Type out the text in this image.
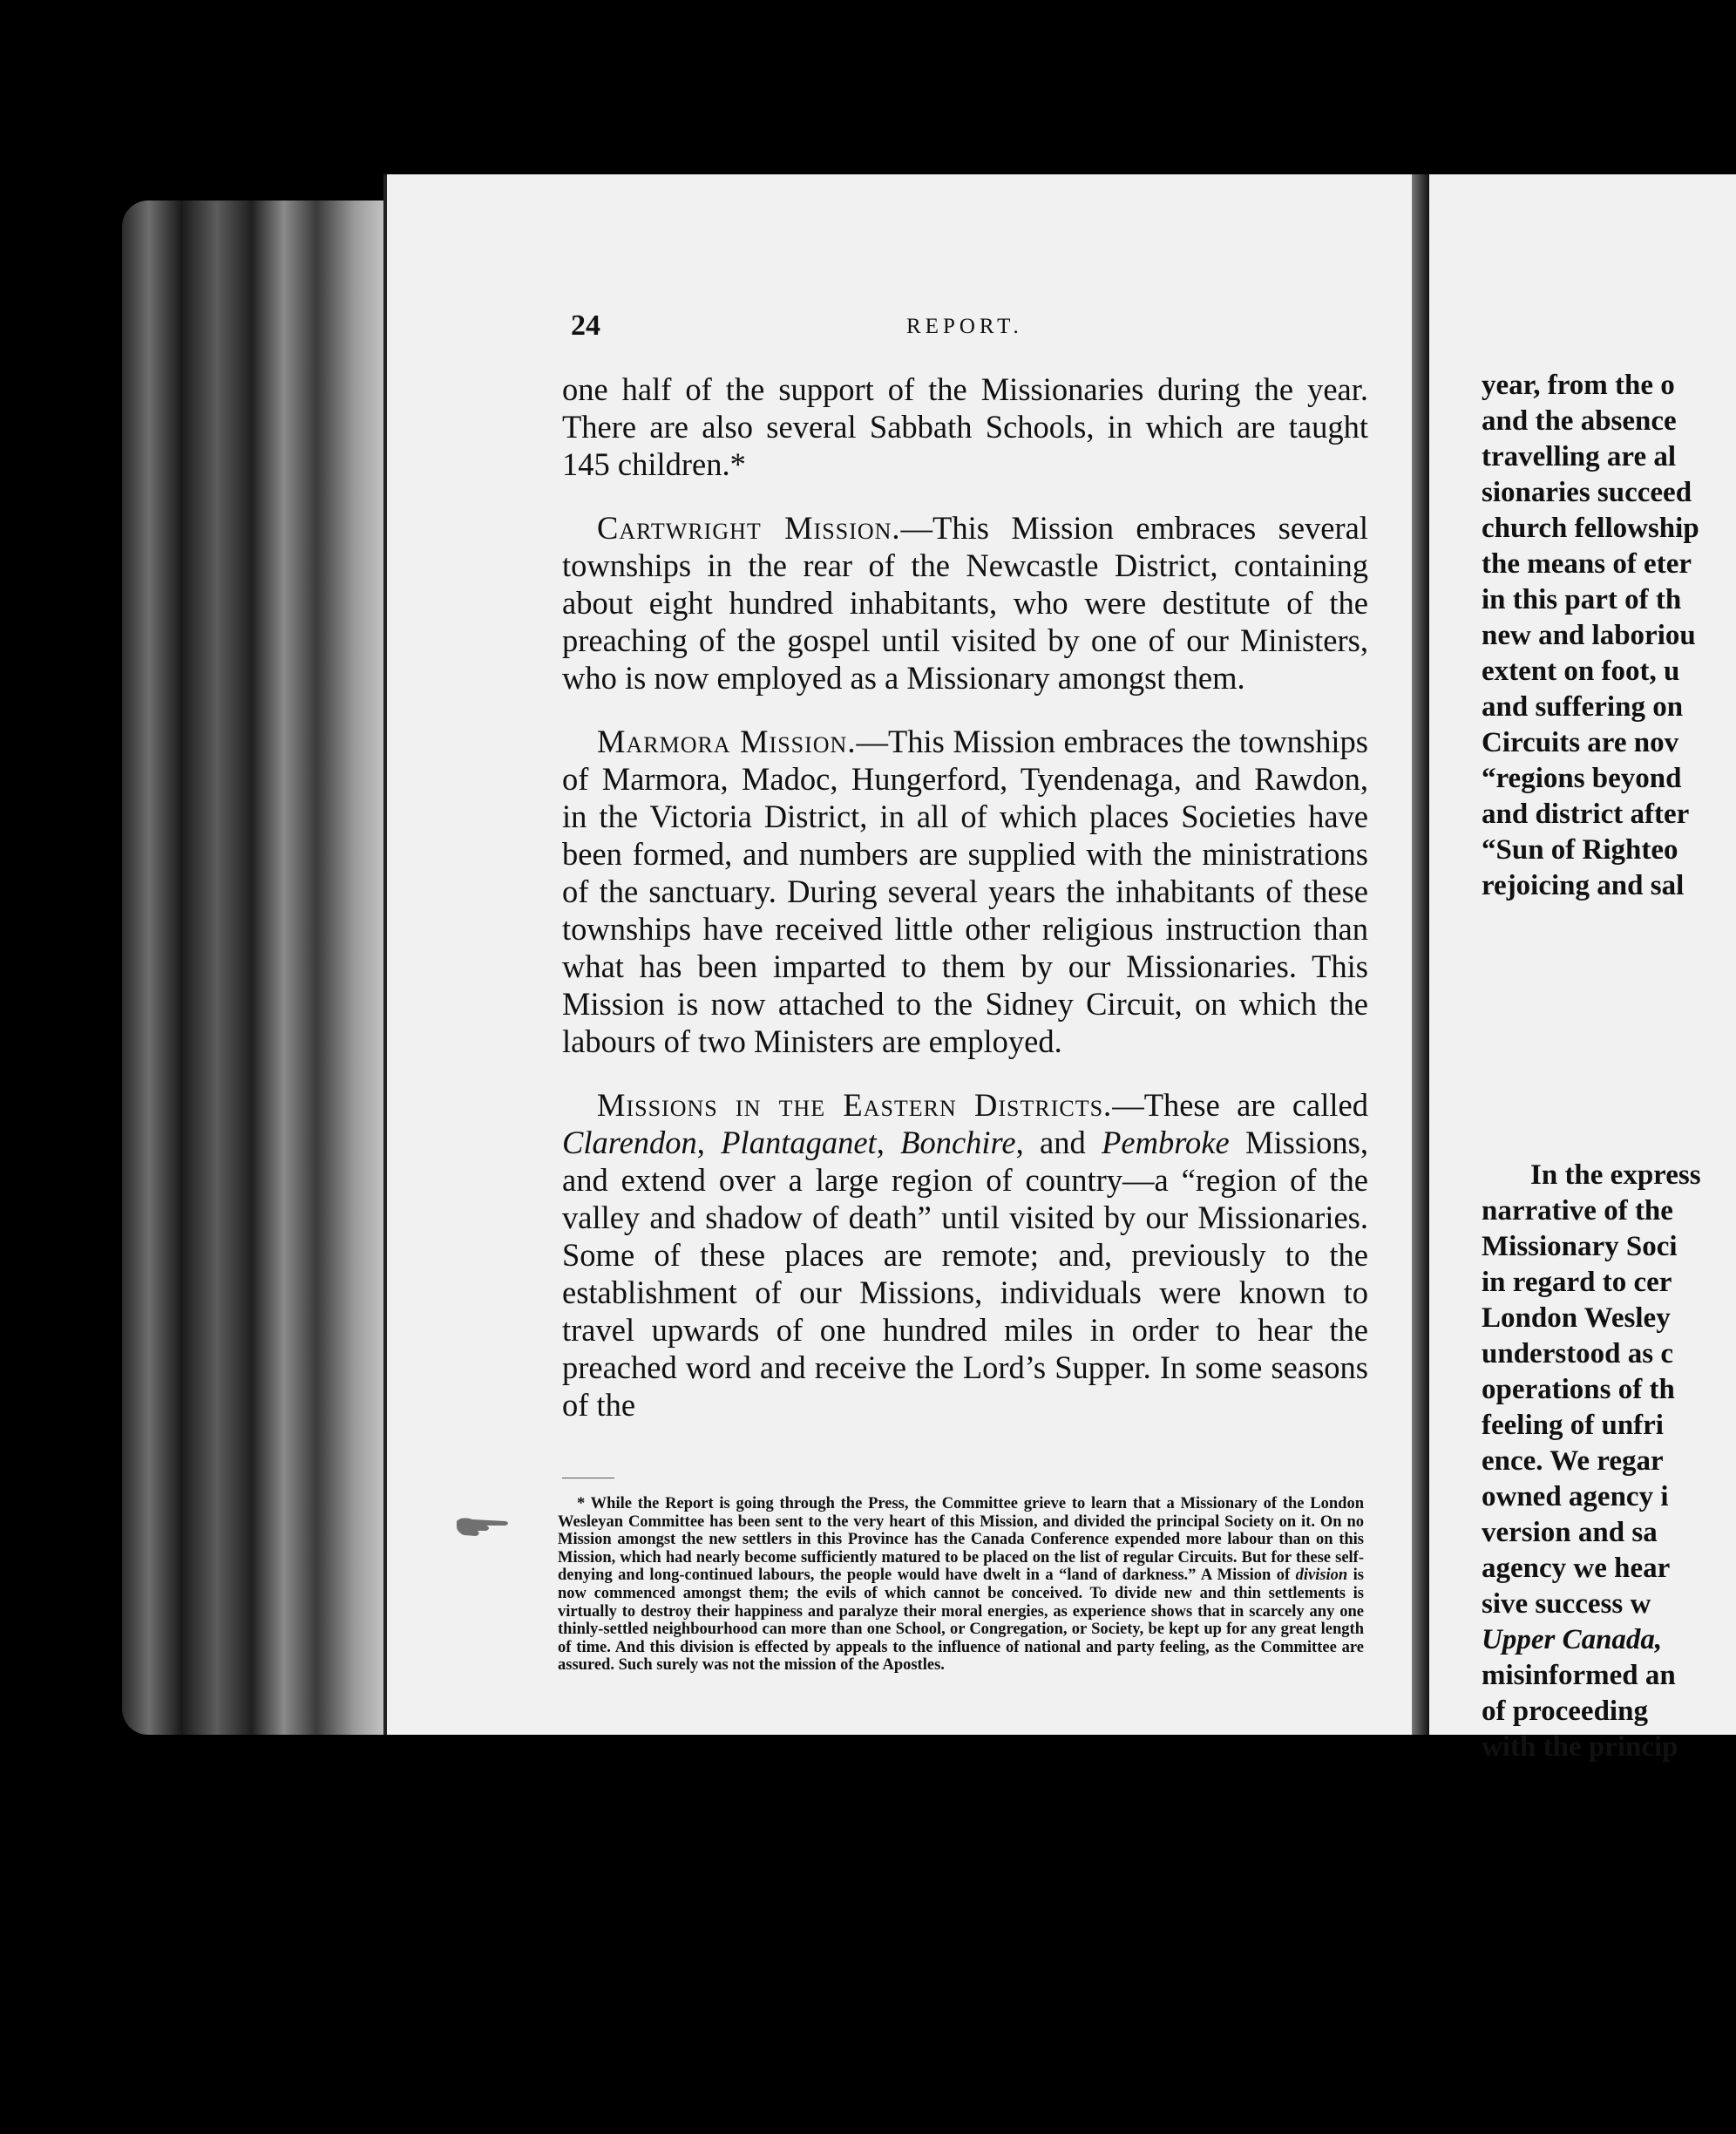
24	REPORT.

one half of the support of the Missionaries during the year. There are also several Sabbath Schools, in which are taught 145 children.*

Cartwright Mission.—This Mission embraces several townships in the rear of the Newcastle District, containing about eight hundred inhabitants, who were destitute of the preaching of the gospel until visited by one of our Ministers, who is now employed as a Missionary amongst them.

Marmora Mission.—This Mission embraces the townships of Marmora, Madoc, Hungerford, Tyendenaga, and Rawdon, in the Victoria District, in all of which places Societies have been formed, and numbers are supplied with the ministrations of the sanctuary. During several years the inhabitants of these townships have received little other religious instruction than what has been imparted to them by our Missionaries. This Mission is now attached to the Sidney Circuit, on which the labours of two Ministers are employed.

Missions in the Eastern Districts.—These are called Clarendon, Plantaganet, Bonchire, and Pembroke Missions, and extend over a large region of country—a “region of the valley and shadow of death” until visited by our Missionaries. Some of these places are remote; and, previously to the establishment of our Missions, individuals were known to travel upwards of one hundred miles in order to hear the preached word and receive the Lord’s Supper. In some seasons of the

* While the Report is going through the Press, the Committee grieve to learn that a Missionary of the London Wesleyan Committee has been sent to the very heart of this Mission, and divided the principal Society on it. On no Mission amongst the new settlers in this Province has the Canada Conference expended more labour than on this Mission, which had nearly become sufficiently matured to be placed on the list of regular Circuits. But for these self-denying and long-continued labours, the people would have dwelt in a “land of darkness.” A Mission of division is now commenced amongst them; the evils of which cannot be conceived. To divide new and thin settlements is virtually to destroy their happiness and paralyze their moral energies, as experience shows that in scarcely any one thinly-settled neighbourhood can more than one School, or Congregation, or Society, be kept up for any great length of time. And this division is effected by appeals to the influence of national and party feeling, as the Committee are assured. Such surely was not the mission of the Apostles.
year, from the o
and the absence
travelling are al
sionaries succeed
church fellowship
the means of eter
in this part of th
new and laboriou
extent on foot, u
and suffering on
Circuits are nov
“regions beyond
and district after
“Sun of Righteo
rejoicing and sal
In the express
narrative of the
Missionary Soci
in regard to cer
London Wesley
understood as c
operations of th
feeling of unfri
ence. We regar
owned agency i
version and sa
agency we hear
sive success w
Upper Canada,
misinformed an
of proceeding
with the princip
